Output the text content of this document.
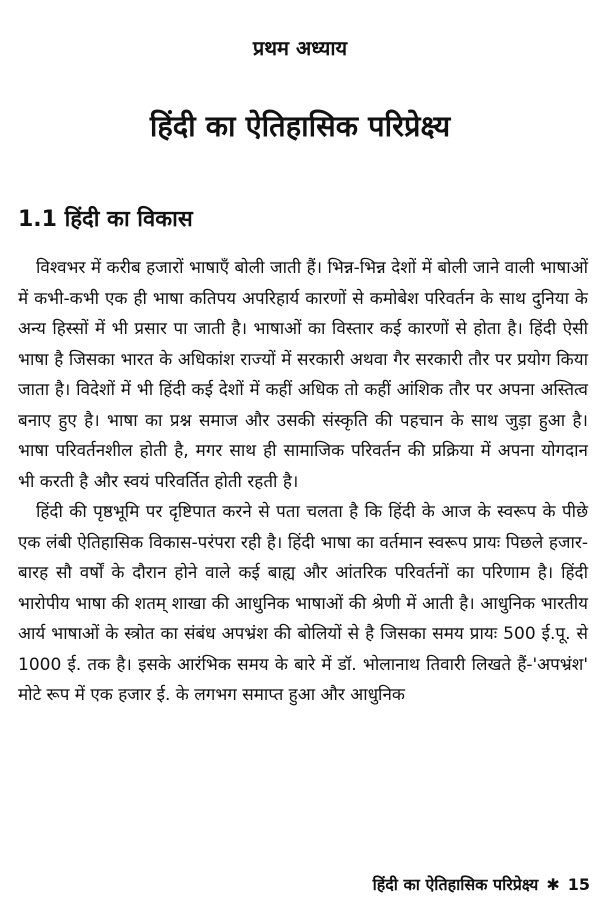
प्रथम अध्याय
हिंदी का ऐतिहासिक परिप्रेक्ष्य
1.1 हिंदी का विकास

विश्वभर में करीब हजारों भाषाएँ बोली जाती हैं। भिन्न-भिन्न देशों में बोली जाने वाली भाषाओं में कभी-कभी एक ही भाषा कतिपय अपरिहार्य कारणों से कमोबेश परिवर्तन के साथ दुनिया के अन्य हिस्सों में भी प्रसार पा जाती है। भाषाओं का विस्तार कई कारणों से होता है। हिंदी ऐसी भाषा है जिसका भारत के अधिकांश राज्यों में सरकारी अथवा गैर सरकारी तौर पर प्रयोग किया जाता है। विदेशों में भी हिंदी कई देशों में कहीं अधिक तो कहीं आंशिक तौर पर अपना अस्तित्व बनाए हुए है। भाषा का प्रश्न समाज और उसकी संस्कृति की पहचान के साथ जुड़ा हुआ है। भाषा परिवर्तनशील होती है, मगर साथ ही सामाजिक परिवर्तन की प्रक्रिया में अपना योगदान भी करती है और स्वयं परिवर्तित होती रहती है।

हिंदी की पृष्ठभूमि पर दृष्टिपात करने से पता चलता है कि हिंदी के आज के स्वरूप के पीछे एक लंबी ऐतिहासिक विकास-परंपरा रही है। हिंदी भाषा का वर्तमान स्वरूप प्रायः पिछले हजार-बारह सौ वर्षों के दौरान होने वाले कई बाह्य और आंतरिक परिवर्तनों का परिणाम है। हिंदी भारोपीय भाषा की शतम् शाखा की आधुनिक भाषाओं की श्रेणी में आती है। आधुनिक भारतीय आर्य भाषाओं के स्त्रोत का संबंध अपभ्रंश की बोलियों से है जिसका समय प्रायः 500 ई.पू. से 1000 ई. तक है। इसके आरंभिक समय के बारे में डॉ. भोलानाथ तिवारी लिखते हैं-'अपभ्रंश' मोटे रूप में एक हजार ई. के लगभग समाप्त हुआ और आधुनिक

हिंदी का ऐतिहासिक परिप्रेक्ष्य ✱ 15
